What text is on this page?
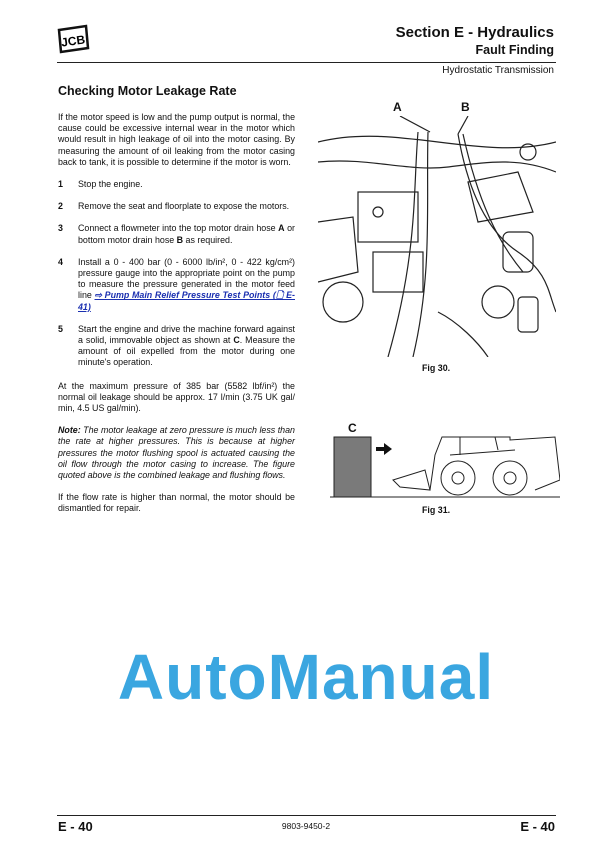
JCB	Section E - Hydraulics
Fault Finding
Hydrostatic Transmission
Checking Motor Leakage Rate

If the motor speed is low and the pump output is normal, the cause could be excessive internal wear in the motor which would result in high leakage of oil into the motor casing. By measuring the amount of oil leaking from the motor casing back to tank, it is possible to determine if the motor is worn.

1	Stop the engine.
2	Remove the seat and floorplate to expose the motors.
3	Connect a flowmeter into the top motor drain hose A or bottom motor drain hose B as required.
4	Install a 0 - 400 bar (0 - 6000 lb/in², 0 - 422 kg/cm²) pressure gauge into the appropriate point on the pump to measure the pressure generated in the motor feed line ⇨ Pump Main Relief Pressure Test Points (🗋 E-41)
5	Start the engine and drive the machine forward against a solid, immovable object as shown at C. Measure the amount of oil expelled from the motor during one minute's operation.

At the maximum pressure of 385 bar (5582 lbf/in²) the normal oil leakage should be approx. 17 l/min (3.75 UK gal/ min, 4.5 US gal/min).

Note: The motor leakage at zero pressure is much less than the rate at higher pressures. This is because at higher pressures the motor flushing spool is actuated causing the oil flow through the motor casing to increase. The figure quoted above is the combined leakage and flushing flows.

If the flow rate is higher than normal, the motor should be dismantled for repair.

A	B
Fig 30.
C
Fig 31.
AutoManual
E - 40	9803-9450-2	E - 40
